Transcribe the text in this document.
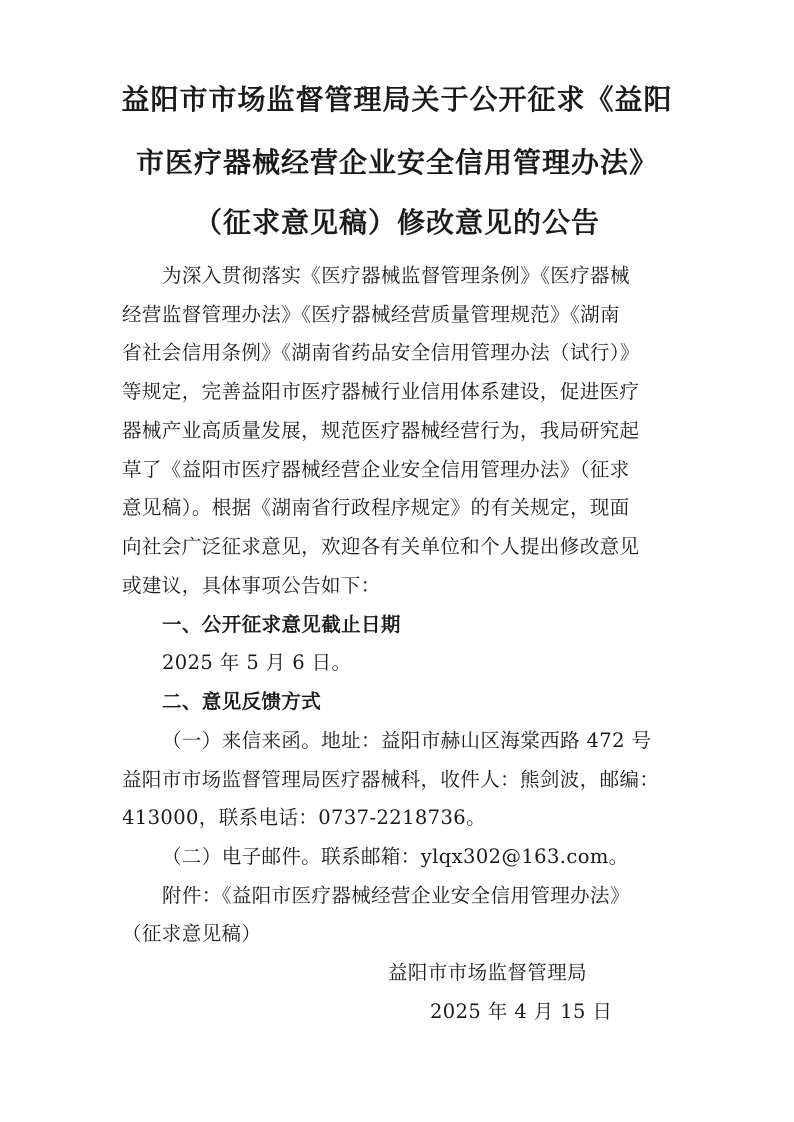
益阳市市场监督管理局关于公开征求《益阳
市医疗器械经营企业安全信用管理办法》
（征求意见稿）修改意见的公告
为深入贯彻落实《医疗器械监督管理条例》《医疗器械
经营监督管理办法》《医疗器械经营质量管理规范》《湖南
省社会信用条例》《湖南省药品安全信用管理办法（试行）》
等规定，完善益阳市医疗器械行业信用体系建设，促进医疗
器械产业高质量发展，规范医疗器械经营行为，我局研究起
草了《益阳市医疗器械经营企业安全信用管理办法》（征求
意见稿）。根据《湖南省行政程序规定》的有关规定，现面
向社会广泛征求意见，欢迎各有关单位和个人提出修改意见
或建议，具体事项公告如下：
一、公开征求意见截止日期
2025 年 5 月 6 日。
二、意见反馈方式
（一）来信来函。地址：益阳市赫山区海棠西路 472 号
益阳市市场监督管理局医疗器械科，收件人：熊剑波，邮编：
413000，联系电话：0737-2218736。
（二）电子邮件。联系邮箱：ylqx302@163.com。
附件：《益阳市医疗器械经营企业安全信用管理办法》
（征求意见稿）
益阳市市场监督管理局
2025 年 4 月 15 日
